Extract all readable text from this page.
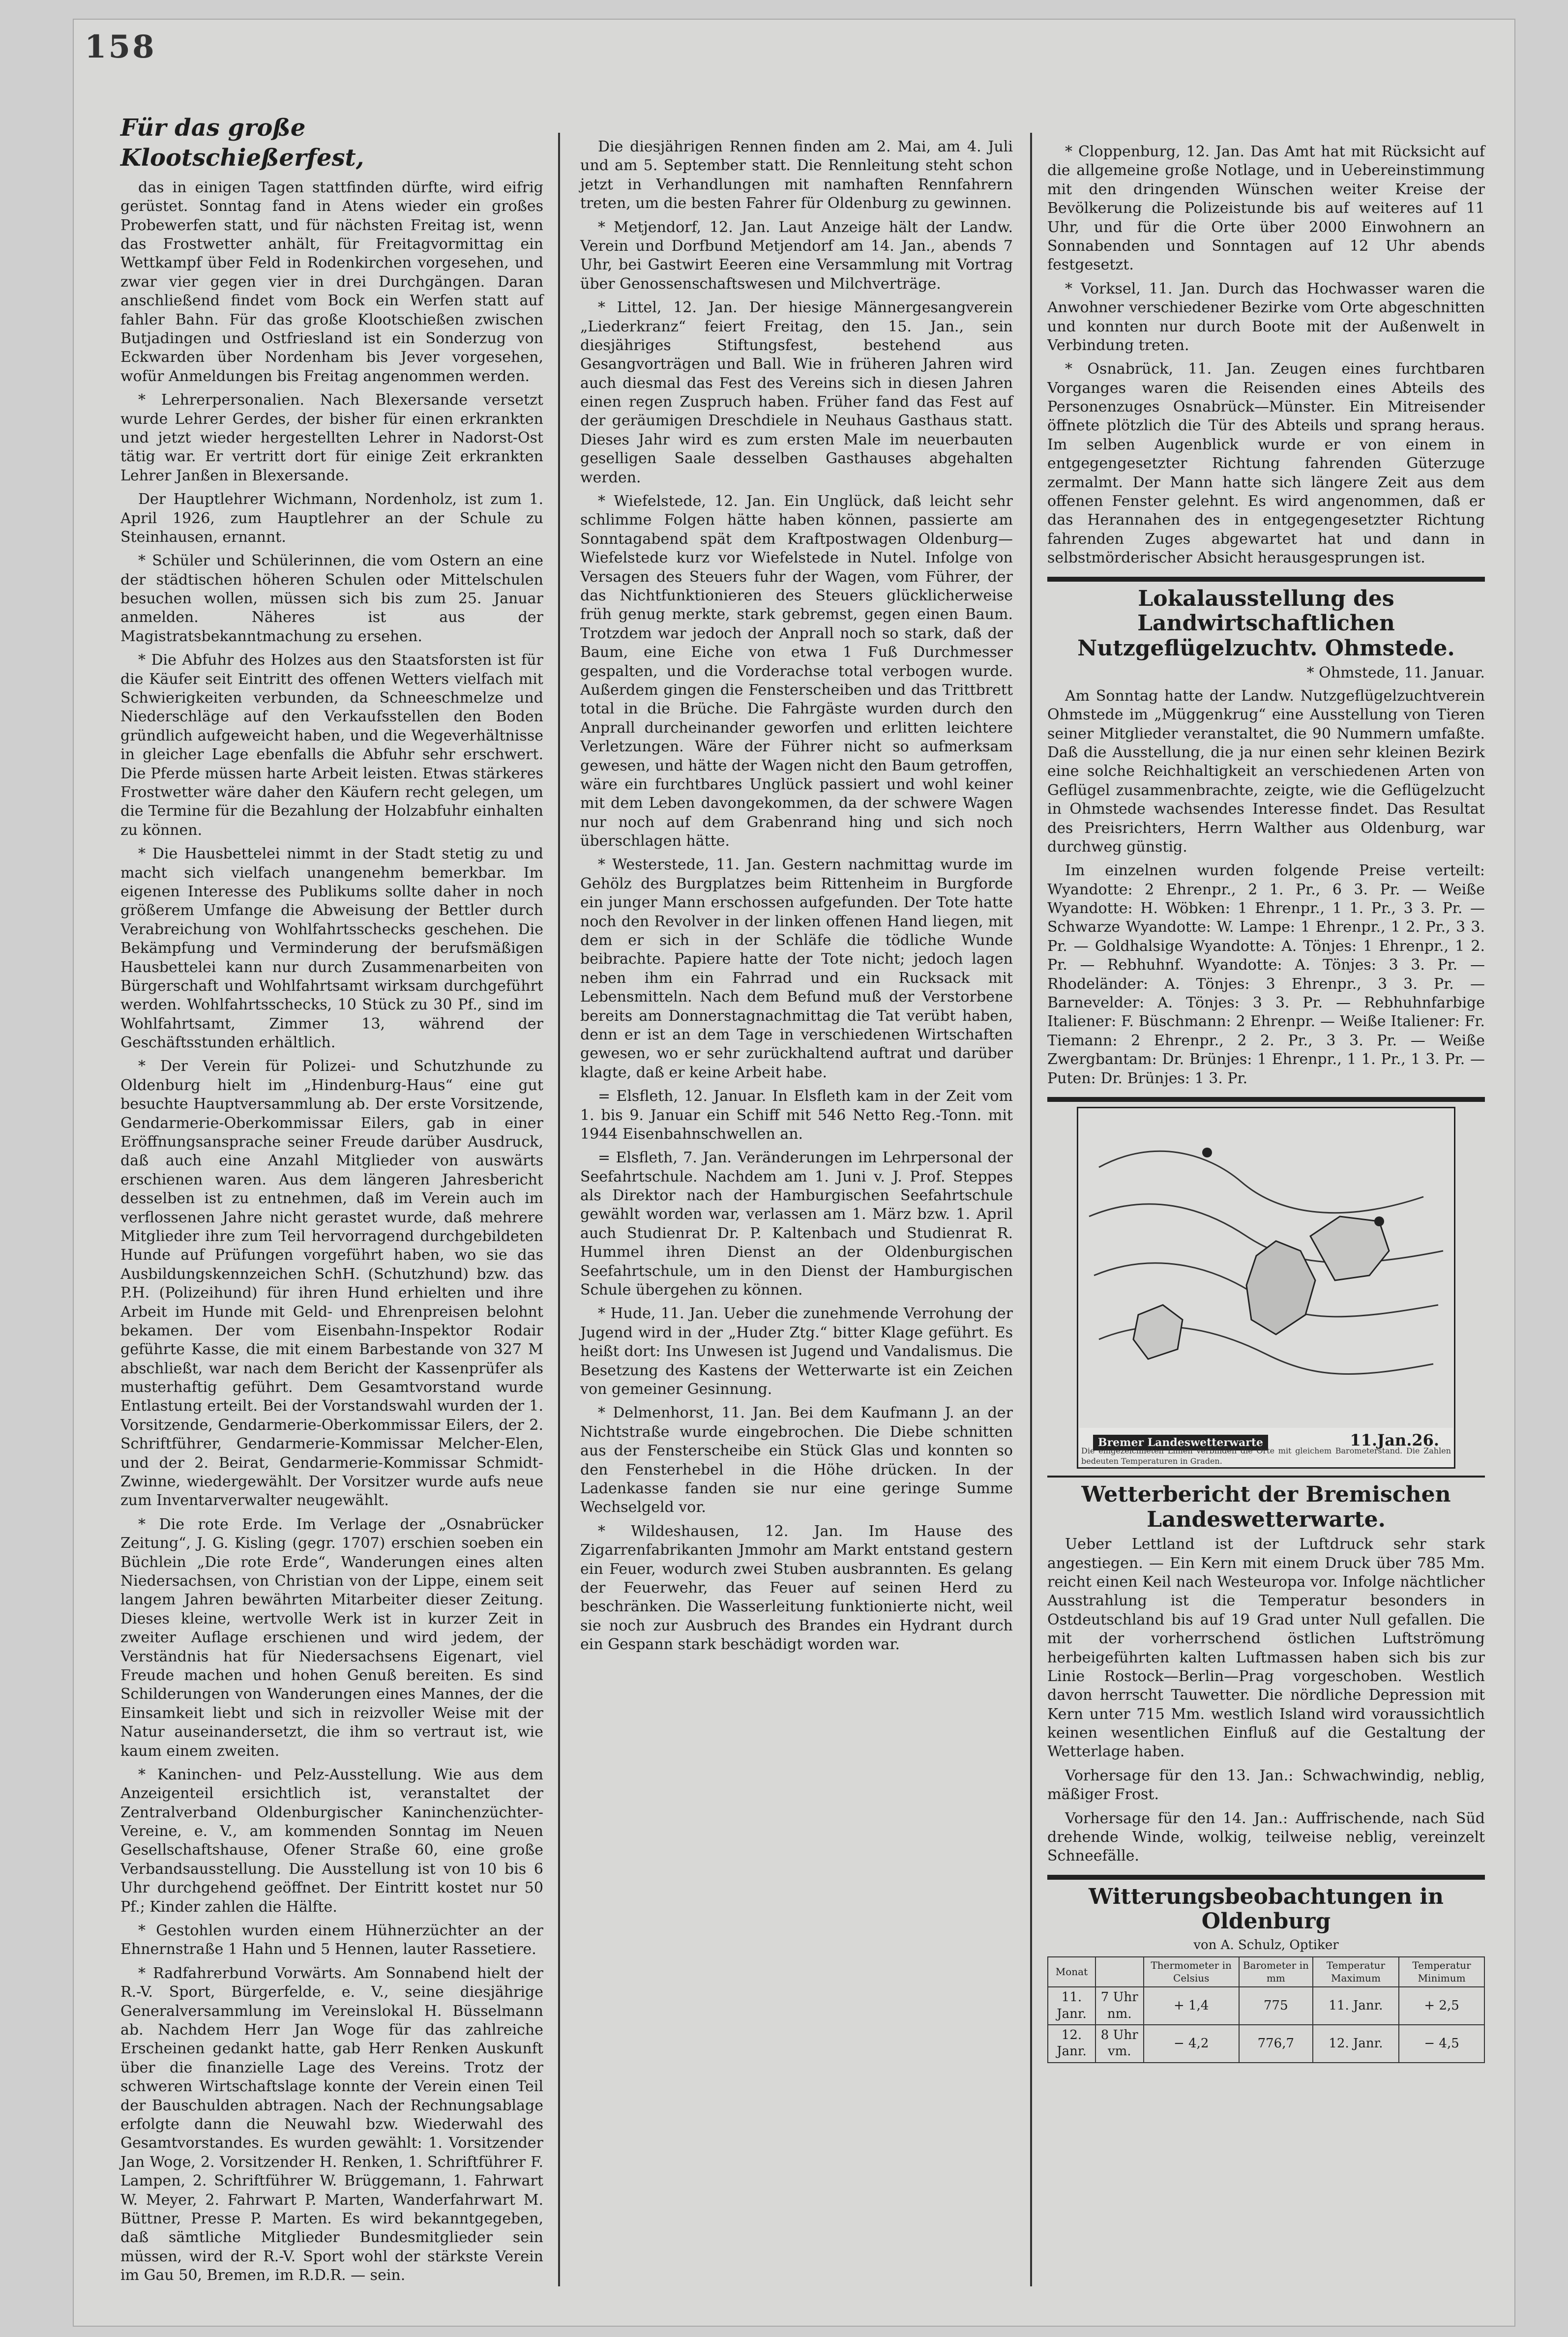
158
Für das große Klootschießerfest,

das in einigen Tagen stattfinden dürfte, wird eifrig gerüstet. Sonntag fand in Atens wieder ein großes Probewerfen statt, und für nächsten Freitag ist, wenn das Frostwetter anhält, für Freitagvormittag ein Wettkampf über Feld in Rodenkirchen vorgesehen, und zwar vier gegen vier in drei Durchgängen. Daran anschließend findet vom Bock ein Werfen statt auf fahler Bahn. Für das große Klootschießen zwischen Butjadingen und Ostfriesland ist ein Sonderzug von Eckwarden über Nordenham bis Jever vorgesehen, wofür Anmeldungen bis Freitag angenommen werden.

* Lehrerpersonalien. Nach Blexersande versetzt wurde Lehrer Gerdes, der bisher für einen erkrankten und jetzt wieder hergestellten Lehrer in Nadorst-Ost tätig war. Er vertritt dort für einige Zeit erkrankten Lehrer Janßen in Blexersande.

Der Hauptlehrer Wichmann, Nordenholz, ist zum 1. April 1926, zum Hauptlehrer an der Schule zu Steinhausen, ernannt.

* Schüler und Schülerinnen, die vom Ostern an eine der städtischen höheren Schulen oder Mittelschulen besuchen wollen, müssen sich bis zum 25. Januar anmelden. Näheres ist aus der Magistratsbekanntmachung zu ersehen.

* Die Abfuhr des Holzes aus den Staatsforsten ist für die Käufer seit Eintritt des offenen Wetters vielfach mit Schwierigkeiten verbunden, da Schneeschmelze und Niederschläge auf den Verkaufsstellen den Boden gründlich aufgeweicht haben, und die Wegeverhältnisse in gleicher Lage ebenfalls die Abfuhr sehr erschwert. Die Pferde müssen harte Arbeit leisten. Etwas stärkeres Frostwetter wäre daher den Käufern recht gelegen, um die Termine für die Bezahlung der Holzabfuhr einhalten zu können.

* Die Hausbettelei nimmt in der Stadt stetig zu und macht sich vielfach unangenehm bemerkbar. Im eigenen Interesse des Publikums sollte daher in noch größerem Umfange die Abweisung der Bettler durch Verabreichung von Wohlfahrtsschecks geschehen. Die Bekämpfung und Verminderung der berufsmäßigen Hausbettelei kann nur durch Zusammenarbeiten von Bürgerschaft und Wohlfahrtsamt wirksam durchgeführt werden. Wohlfahrtsschecks, 10 Stück zu 30 Pf., sind im Wohlfahrtsamt, Zimmer 13, während der Geschäftsstunden erhältlich.

* Der Verein für Polizei- und Schutzhunde zu Oldenburg hielt im „Hindenburg-Haus“ eine gut besuchte Hauptversammlung ab. Der erste Vorsitzende, Gendarmerie-Oberkommissar Eilers, gab in einer Eröffnungsansprache seiner Freude darüber Ausdruck, daß auch eine Anzahl Mitglieder von auswärts erschienen waren. Aus dem längeren Jahresbericht desselben ist zu entnehmen, daß im Verein auch im verflossenen Jahre nicht gerastet wurde, daß mehrere Mitglieder ihre zum Teil hervorragend durchgebildeten Hunde auf Prüfungen vorgeführt haben, wo sie das Ausbildungskennzeichen SchH. (Schutzhund) bzw. das P.H. (Polizeihund) für ihren Hund erhielten und ihre Arbeit im Hunde mit Geld- und Ehrenpreisen belohnt bekamen. Der vom Eisenbahn-Inspektor Rodair geführte Kasse, die mit einem Barbestande von 327 M abschließt, war nach dem Bericht der Kassenprüfer als musterhaftig geführt. Dem Gesamtvorstand wurde Entlastung erteilt. Bei der Vorstandswahl wurden der 1. Vorsitzende, Gendarmerie-Oberkommissar Eilers, der 2. Schriftführer, Gendarmerie-Kommissar Melcher-Elen, und der 2. Beirat, Gendarmerie-Kommissar Schmidt-Zwinne, wiedergewählt. Der Vorsitzer wurde aufs neue zum Inventarverwalter neugewählt.

* Die rote Erde. Im Verlage der „Osnabrücker Zeitung“, J. G. Kisling (gegr. 1707) erschien soeben ein Büchlein „Die rote Erde“, Wanderungen eines alten Niedersachsen, von Christian von der Lippe, einem seit langem Jahren bewährten Mitarbeiter dieser Zeitung. Dieses kleine, wertvolle Werk ist in kurzer Zeit in zweiter Auflage erschienen und wird jedem, der Verständnis hat für Niedersachsens Eigenart, viel Freude machen und hohen Genuß bereiten. Es sind Schilderungen von Wanderungen eines Mannes, der die Einsamkeit liebt und sich in reizvoller Weise mit der Natur auseinandersetzt, die ihm so vertraut ist, wie kaum einem zweiten.

* Kaninchen- und Pelz-Ausstellung. Wie aus dem Anzeigenteil ersichtlich ist, veranstaltet der Zentralverband Oldenburgischer Kaninchenzüchter-Vereine, e. V., am kommenden Sonntag im Neuen Gesellschaftshause, Ofener Straße 60, eine große Verbandsausstellung. Die Ausstellung ist von 10 bis 6 Uhr durchgehend geöffnet. Der Eintritt kostet nur 50 Pf.; Kinder zahlen die Hälfte.

* Gestohlen wurden einem Hühnerzüchter an der Ehnernstraße 1 Hahn und 5 Hennen, lauter Rassetiere.

* Radfahrerbund Vorwärts. Am Sonnabend hielt der R.-V. Sport, Bürgerfelde, e. V., seine diesjährige Generalversammlung im Vereinslokal H. Büsselmann ab. Nachdem Herr Jan Woge für das zahlreiche Erscheinen gedankt hatte, gab Herr Renken Auskunft über die finanzielle Lage des Vereins. Trotz der schweren Wirtschaftslage konnte der Verein einen Teil der Bauschulden abtragen. Nach der Rechnungsablage erfolgte dann die Neuwahl bzw. Wiederwahl des Gesamtvorstandes. Es wurden gewählt: 1. Vorsitzender Jan Woge, 2. Vorsitzender H. Renken, 1. Schriftführer F. Lampen, 2. Schriftführer W. Brüggemann, 1. Fahrwart W. Meyer, 2. Fahrwart P. Marten, Wanderfahrwart M. Büttner, Presse P. Marten. Es wird bekanntgegeben, daß sämtliche Mitglieder Bundesmitglieder sein müssen, wird der R.-V. Sport wohl der stärkste Verein im Gau 50, Bremen, im R.D.R. — sein.

Die diesjährigen Rennen finden am 2. Mai, am 4. Juli und am 5. September statt. Die Rennleitung steht schon jetzt in Verhandlungen mit namhaften Rennfahrern treten, um die besten Fahrer für Oldenburg zu gewinnen.

* Metjendorf, 12. Jan. Laut Anzeige hält der Landw. Verein und Dorfbund Metjendorf am 14. Jan., abends 7 Uhr, bei Gastwirt Eeeren eine Versammlung mit Vortrag über Genossenschaftswesen und Milchverträge.

* Littel, 12. Jan. Der hiesige Männergesangverein „Liederkranz“ feiert Freitag, den 15. Jan., sein diesjähriges Stiftungsfest, bestehend aus Gesangvorträgen und Ball. Wie in früheren Jahren wird auch diesmal das Fest des Vereins sich in diesen Jahren einen regen Zuspruch haben. Früher fand das Fest auf der geräumigen Dreschdiele in Neuhaus Gasthaus statt. Dieses Jahr wird es zum ersten Male im neuerbauten geselligen Saale desselben Gasthauses abgehalten werden.

* Wiefelstede, 12. Jan. Ein Unglück, daß leicht sehr schlimme Folgen hätte haben können, passierte am Sonntagabend spät dem Kraftpostwagen Oldenburg—Wiefelstede kurz vor Wiefelstede in Nutel. Infolge von Versagen des Steuers fuhr der Wagen, vom Führer, der das Nichtfunktionieren des Steuers glücklicherweise früh genug merkte, stark gebremst, gegen einen Baum. Trotzdem war jedoch der Anprall noch so stark, daß der Baum, eine Eiche von etwa 1 Fuß Durchmesser gespalten, und die Vorderachse total verbogen wurde. Außerdem gingen die Fensterscheiben und das Trittbrett total in die Brüche. Die Fahrgäste wurden durch den Anprall durcheinander geworfen und erlitten leichtere Verletzungen. Wäre der Führer nicht so aufmerksam gewesen, und hätte der Wagen nicht den Baum getroffen, wäre ein furchtbares Unglück passiert und wohl keiner mit dem Leben davongekommen, da der schwere Wagen nur noch auf dem Grabenrand hing und sich noch überschlagen hätte.

* Westerstede, 11. Jan. Gestern nachmittag wurde im Gehölz des Burgplatzes beim Rittenheim in Burgforde ein junger Mann erschossen aufgefunden. Der Tote hatte noch den Revolver in der linken offenen Hand liegen, mit dem er sich in der Schläfe die tödliche Wunde beibrachte. Papiere hatte der Tote nicht; jedoch lagen neben ihm ein Fahrrad und ein Rucksack mit Lebensmitteln. Nach dem Befund muß der Verstorbene bereits am Donnerstagnachmittag die Tat verübt haben, denn er ist an dem Tage in verschiedenen Wirtschaften gewesen, wo er sehr zurückhaltend auftrat und darüber klagte, daß er keine Arbeit habe.

= Elsfleth, 12. Januar. In Elsfleth kam in der Zeit vom 1. bis 9. Januar ein Schiff mit 546 Netto Reg.-Tonn. mit 1944 Eisenbahnschwellen an.

= Elsfleth, 7. Jan. Veränderungen im Lehrpersonal der Seefahrtschule. Nachdem am 1. Juni v. J. Prof. Steppes als Direktor nach der Hamburgischen Seefahrtschule gewählt worden war, verlassen am 1. März bzw. 1. April auch Studienrat Dr. P. Kaltenbach und Studienrat R. Hummel ihren Dienst an der Oldenburgischen Seefahrtschule, um in den Dienst der Hamburgischen Schule übergehen zu können.

* Hude, 11. Jan. Ueber die zunehmende Verrohung der Jugend wird in der „Huder Ztg.“ bitter Klage geführt. Es heißt dort: Ins Unwesen ist Jugend und Vandalismus. Die Besetzung des Kastens der Wetterwarte ist ein Zeichen von gemeiner Gesinnung.

* Delmenhorst, 11. Jan. Bei dem Kaufmann J. an der Nichtstraße wurde eingebrochen. Die Diebe schnitten aus der Fensterscheibe ein Stück Glas und konnten so den Fensterhebel in die Höhe drücken. In der Ladenkasse fanden sie nur eine geringe Summe Wechselgeld vor.

* Wildeshausen, 12. Jan. Im Hause des Zigarrenfabrikanten Jmmohr am Markt entstand gestern ein Feuer, wodurch zwei Stuben ausbrannten. Es gelang der Feuerwehr, das Feuer auf seinen Herd zu beschränken. Die Wasserleitung funktionierte nicht, weil sie noch zur Ausbruch des Brandes ein Hydrant durch ein Gespann stark beschädigt worden war.

* Cloppenburg, 12. Jan. Das Amt hat mit Rücksicht auf die allgemeine große Notlage, und in Uebereinstimmung mit den dringenden Wünschen weiter Kreise der Bevölkerung die Polizeistunde bis auf weiteres auf 11 Uhr, und für die Orte über 2000 Einwohnern an Sonnabenden und Sonntagen auf 12 Uhr abends festgesetzt.

* Vorksel, 11. Jan. Durch das Hochwasser waren die Anwohner verschiedener Bezirke vom Orte abgeschnitten und konnten nur durch Boote mit der Außenwelt in Verbindung treten.

* Osnabrück, 11. Jan. Zeugen eines furchtbaren Vorganges waren die Reisenden eines Abteils des Personenzuges Osnabrück—Münster. Ein Mitreisender öffnete plötzlich die Tür des Abteils und sprang heraus. Im selben Augenblick wurde er von einem in entgegengesetzter Richtung fahrenden Güterzuge zermalmt. Der Mann hatte sich längere Zeit aus dem offenen Fenster gelehnt. Es wird angenommen, daß er das Herannahen des in entgegengesetzter Richtung fahrenden Zuges abgewartet hat und dann in selbstmörderischer Absicht herausgesprungen ist.

Lokalausstellung des Landwirtschaftlichen Nutzgeflügelzuchtv. Ohmstede.
* Ohmstede, 11. Januar.

Am Sonntag hatte der Landw. Nutzgeflügelzuchtverein Ohmstede im „Müggenkrug“ eine Ausstellung von Tieren seiner Mitglieder veranstaltet, die 90 Nummern umfaßte. Daß die Ausstellung, die ja nur einen sehr kleinen Bezirk eine solche Reichhaltigkeit an verschiedenen Arten von Geflügel zusammenbrachte, zeigte, wie die Geflügelzucht in Ohmstede wachsendes Interesse findet. Das Resultat des Preisrichters, Herrn Walther aus Oldenburg, war durchweg günstig.

Im einzelnen wurden folgende Preise verteilt: Wyandotte: 2 Ehrenpr., 2 1. Pr., 6 3. Pr. — Weiße Wyandotte: H. Wöbken: 1 Ehrenpr., 1 1. Pr., 3 3. Pr. — Schwarze Wyandotte: W. Lampe: 1 Ehrenpr., 1 2. Pr., 3 3. Pr. — Goldhalsige Wyandotte: A. Tönjes: 1 Ehrenpr., 1 2. Pr. — Rebhuhnf. Wyandotte: A. Tönjes: 3 3. Pr. — Rhodeländer: A. Tönjes: 3 Ehrenpr., 3 3. Pr. — Barnevelder: A. Tönjes: 3 3. Pr. — Rebhuhnfarbige Italiener: F. Büschmann: 2 Ehrenpr. — Weiße Italiener: Fr. Tiemann: 2 Ehrenpr., 2 2. Pr., 3 3. Pr. — Weiße Zwergbantam: Dr. Brünjes: 1 Ehrenpr., 1 1. Pr., 1 3. Pr. — Puten: Dr. Brünjes: 1 3. Pr.

Bremer Landeswetterwarte	11.Jan.26.
Die eingezeichneten Linien verbinden die Orte mit gleichem Barometerstand. Die Zahlen bedeuten Temperaturen in Graden.
Wetterbericht der Bremischen Landeswetterwarte.

Ueber Lettland ist der Luftdruck sehr stark angestiegen. — Ein Kern mit einem Druck über 785 Mm. reicht einen Keil nach Westeuropa vor. Infolge nächtlicher Ausstrahlung ist die Temperatur besonders in Ostdeutschland bis auf 19 Grad unter Null gefallen. Die mit der vorherrschend östlichen Luftströmung herbeigeführten kalten Luftmassen haben sich bis zur Linie Rostock—Berlin—Prag vorgeschoben. Westlich davon herrscht Tauwetter. Die nördliche Depression mit Kern unter 715 Mm. westlich Island wird voraussichtlich keinen wesentlichen Einfluß auf die Gestaltung der Wetterlage haben.

Vorhersage für den 13. Jan.: Schwachwindig, neblig, mäßiger Frost.

Vorhersage für den 14. Jan.: Auffrischende, nach Süd drehende Winde, wolkig, teilweise neblig, vereinzelt Schneefälle.

Witterungsbeobachtungen in Oldenburg
von A. Schulz, Optiker
Monat		Thermometer in Celsius	Barometer in mm	Temperatur Maximum	Temperatur Minimum
11. Janr.	7 Uhr nm.	+ 1,4	775	11. Janr.	+ 2,5
12. Janr.	8 Uhr vm.	− 4,2	776,7	12. Janr.	− 4,5
